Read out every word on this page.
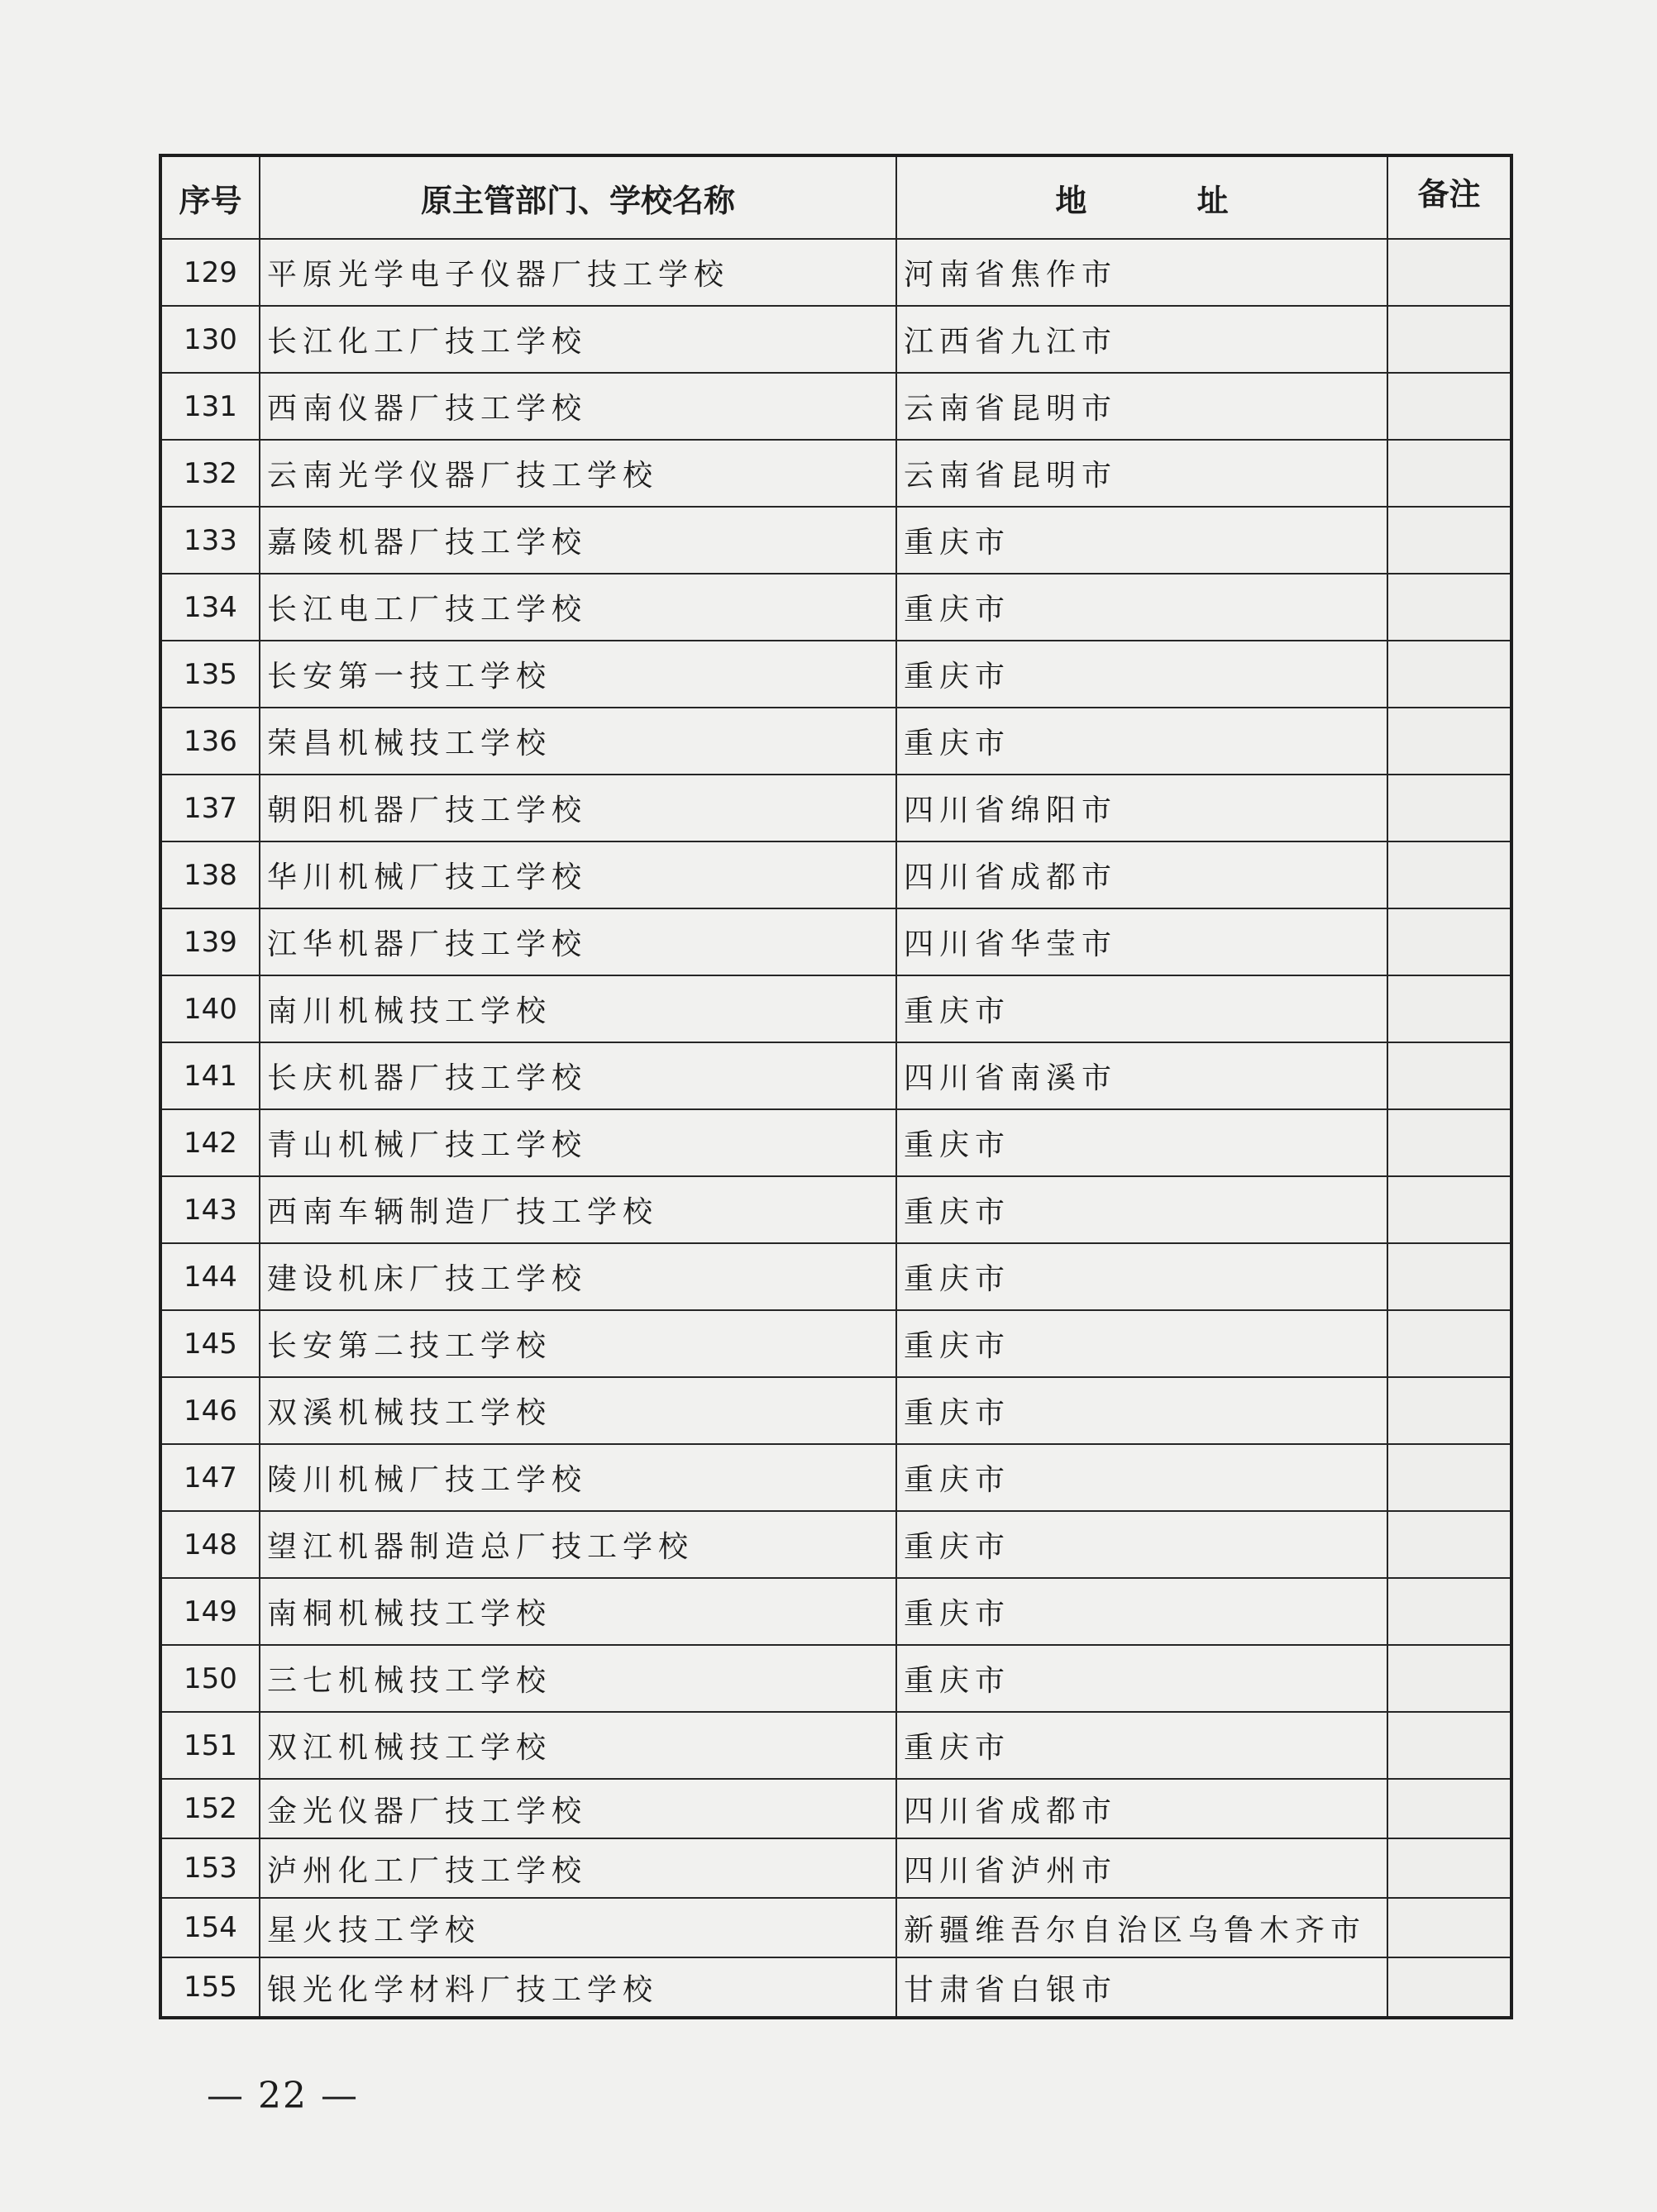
序号	原主管部门、学校名称	地 址	备注
129	平原光学电子仪器厂技工学校	河南省焦作市	
130	长江化工厂技工学校	江西省九江市	
131	西南仪器厂技工学校	云南省昆明市	
132	云南光学仪器厂技工学校	云南省昆明市	
133	嘉陵机器厂技工学校	重庆市	
134	长江电工厂技工学校	重庆市	
135	长安第一技工学校	重庆市	
136	荣昌机械技工学校	重庆市	
137	朝阳机器厂技工学校	四川省绵阳市	
138	华川机械厂技工学校	四川省成都市	
139	江华机器厂技工学校	四川省华莹市	
140	南川机械技工学校	重庆市	
141	长庆机器厂技工学校	四川省南溪市	
142	青山机械厂技工学校	重庆市	
143	西南车辆制造厂技工学校	重庆市	
144	建设机床厂技工学校	重庆市	
145	长安第二技工学校	重庆市	
146	双溪机械技工学校	重庆市	
147	陵川机械厂技工学校	重庆市	
148	望江机器制造总厂技工学校	重庆市	
149	南桐机械技工学校	重庆市	
150	三七机械技工学校	重庆市	
151	双江机械技工学校	重庆市	
152	金光仪器厂技工学校	四川省成都市	
153	泸州化工厂技工学校	四川省泸州市	
154	星火技工学校	新疆维吾尔自治区乌鲁木齐市	
155	银光化学材料厂技工学校	甘肃省白银市	
— 22 —
